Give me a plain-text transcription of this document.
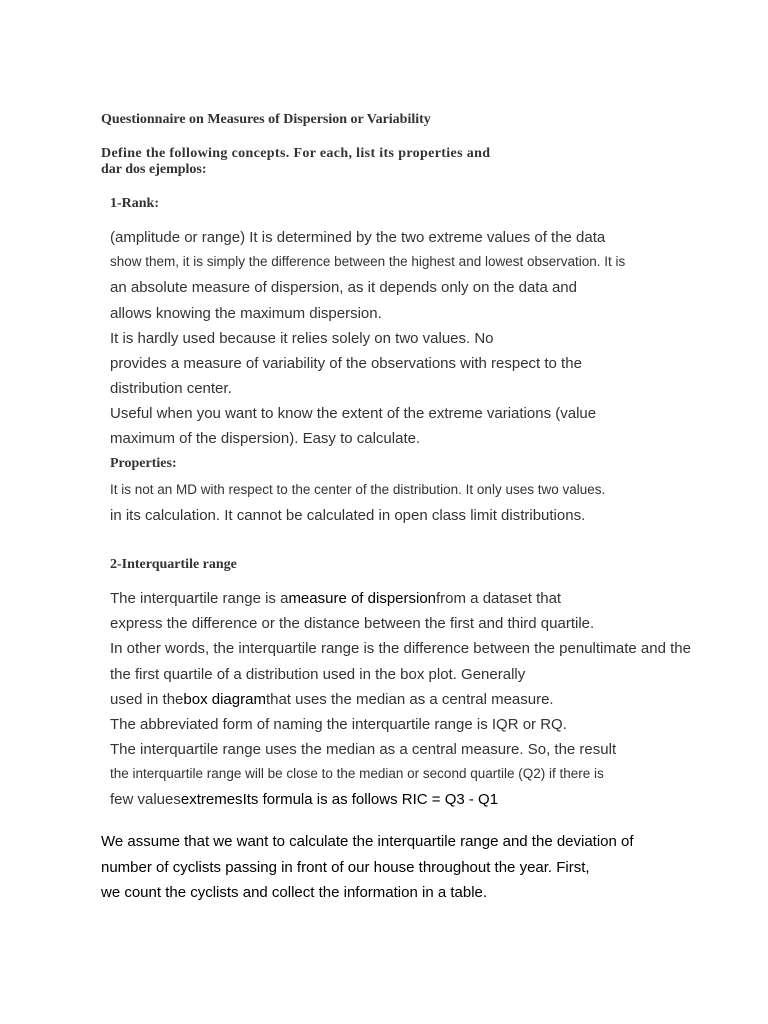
Questionnaire on Measures of Dispersion or Variability
Define the following concepts. For each, list its properties and
dar dos ejemplos:
1-Rank:
(amplitude or range) It is determined by the two extreme values of the data
show them, it is simply the difference between the highest and lowest observation. It is
an absolute measure of dispersion, as it depends only on the data and
allows knowing the maximum dispersion.
It is hardly used because it relies solely on two values. No
provides a measure of variability of the observations with respect to the
distribution center.
Useful when you want to know the extent of the extreme variations (value
maximum of the dispersion). Easy to calculate.
Properties:
It is not an MD with respect to the center of the distribution. It only uses two values.
in its calculation. It cannot be calculated in open class limit distributions.
2-Interquartile range
The interquartile range is ameasure of dispersionfrom a dataset that
express the difference or the distance between the first and third quartile.
In other words, the interquartile range is the difference between the penultimate and the
the first quartile of a distribution used in the box plot. Generally
used in thebox diagramthat uses the median as a central measure.
The abbreviated form of naming the interquartile range is IQR or RQ.
The interquartile range uses the median as a central measure. So, the result
the interquartile range will be close to the median or second quartile (Q2) if there is
few valuesextremesIts formula is as follows RIC = Q3 - Q1
We assume that we want to calculate the interquartile range and the deviation of
number of cyclists passing in front of our house throughout the year. First,
we count the cyclists and collect the information in a table.
